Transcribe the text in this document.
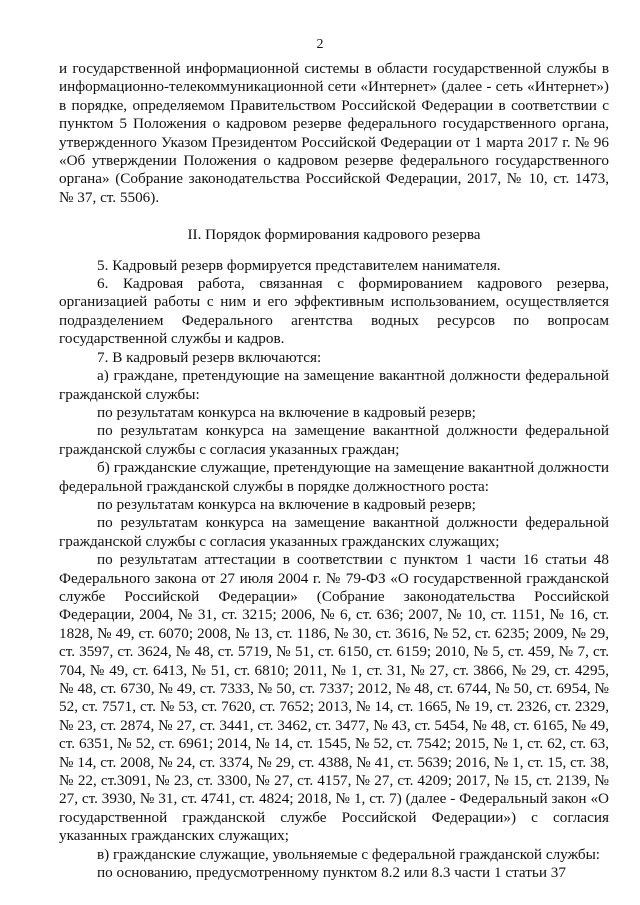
2

и государственной информационной системы в области государственной службы в информационно-телекоммуникационной сети «Интернет» (далее - сеть «Интернет») в порядке, определяемом Правительством Российской Федерации в соответствии с пунктом 5 Положения о кадровом резерве федерального государственного органа, утвержденного Указом Президентом Российской Федерации от 1 марта 2017 г. № 96 «Об утверждении Положения о кадровом резерве федерального государственного органа» (Собрание законодательства Российской Федерации, 2017, № 10, ст. 1473, № 37, ст. 5506).

II. Порядок формирования кадрового резерва

5. Кадровый резерв формируется представителем нанимателя.

6. Кадровая работа, связанная с формированием кадрового резерва, организацией работы с ним и его эффективным использованием, осуществляется подразделением Федерального агентства водных ресурсов по вопросам государственной службы и кадров.

7. В кадровый резерв включаются:

а) граждане, претендующие на замещение вакантной должности федеральной гражданской службы:

по результатам конкурса на включение в кадровый резерв;

по результатам конкурса на замещение вакантной должности федеральной гражданской службы с согласия указанных граждан;

б) гражданские служащие, претендующие на замещение вакантной должности федеральной гражданской службы в порядке должностного роста:

по результатам конкурса на включение в кадровый резерв;

по результатам конкурса на замещение вакантной должности федеральной гражданской службы с согласия указанных гражданских служащих;

по результатам аттестации в соответствии с пунктом 1 части 16 статьи 48 Федерального закона от 27 июля 2004 г. № 79-ФЗ «О государственной гражданской службе Российской Федерации» (Собрание законодательства Российской Федерации, 2004, № 31, ст. 3215; 2006, № 6, ст. 636; 2007, № 10, ст. 1151, № 16, ст. 1828, № 49, ст. 6070; 2008, № 13, ст. 1186, № 30, ст. 3616, № 52, ст. 6235; 2009, № 29, ст. 3597, ст. 3624, № 48, ст. 5719, № 51, ст. 6150, ст. 6159; 2010, № 5, ст. 459, № 7, ст. 704, № 49, ст. 6413, № 51, ст. 6810; 2011, № 1, ст. 31, № 27, ст. 3866, № 29, ст. 4295, № 48, ст. 6730, № 49, ст. 7333, № 50, ст. 7337; 2012, № 48, ст. 6744, № 50, ст. 6954, № 52, ст. 7571, ст. № 53, ст. 7620, ст. 7652; 2013, № 14, ст. 1665, № 19, ст. 2326, ст. 2329, № 23, ст. 2874, № 27, ст. 3441, ст. 3462, ст. 3477, № 43, ст. 5454, № 48, ст. 6165, № 49, ст. 6351, № 52, ст. 6961; 2014, № 14, ст. 1545, № 52, ст. 7542; 2015, № 1, ст. 62, ст. 63, № 14, ст. 2008, № 24, ст. 3374, № 29, ст. 4388, № 41, ст. 5639; 2016, № 1, ст. 15, ст. 38, № 22, ст.3091, № 23, ст. 3300, № 27, ст. 4157, № 27, ст. 4209; 2017, № 15, ст. 2139, № 27, ст. 3930, № 31, ст. 4741, ст. 4824; 2018, № 1, ст. 7) (далее - Федеральный закон «О государственной гражданской службе Российской Федерации») с согласия указанных гражданских служащих;

в) гражданские служащие, увольняемые с федеральной гражданской службы:

по основанию, предусмотренному пунктом 8.2 или 8.3 части 1 статьи 37
